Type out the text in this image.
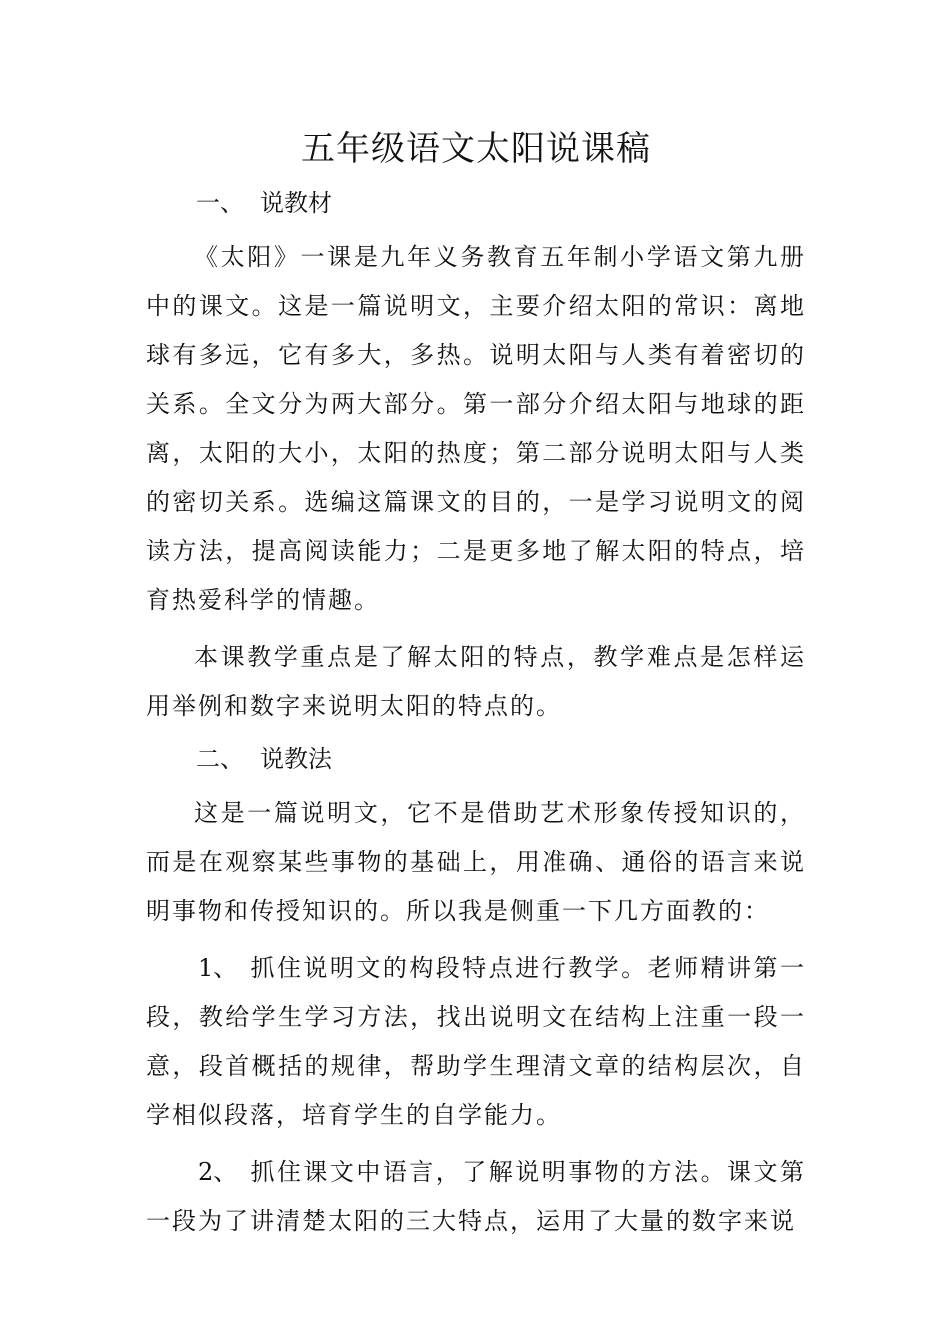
五年级语文太阳说课稿
一、 说教材

《太阳》一课是九年义务教育五年制小学语文第九册中的课文。这是一篇说明文，主要介绍太阳的常识：离地球有多远，它有多大，多热。说明太阳与人类有着密切的关系。全文分为两大部分。第一部分介绍太阳与地球的距离，太阳的大小，太阳的热度；第二部分说明太阳与人类的密切关系。选编这篇课文的目的，一是学习说明文的阅读方法，提高阅读能力；二是更多地了解太阳的特点，培育热爱科学的情趣。

本课教学重点是了解太阳的特点，教学难点是怎样运用举例和数字来说明太阳的特点的。

二、 说教法

这是一篇说明文，它不是借助艺术形象传授知识的，而是在观察某些事物的基础上，用准确、通俗的语言来说明事物和传授知识的。所以我是侧重一下几方面教的：

1、 抓住说明文的构段特点进行教学。老师精讲第一段，教给学生学习方法，找出说明文在结构上注重一段一意，段首概括的规律，帮助学生理清文章的结构层次，自学相似段落，培育学生的自学能力。

2、 抓住课文中语言，了解说明事物的方法。课文第一段为了讲清楚太阳的三大特点，运用了大量的数字来说
